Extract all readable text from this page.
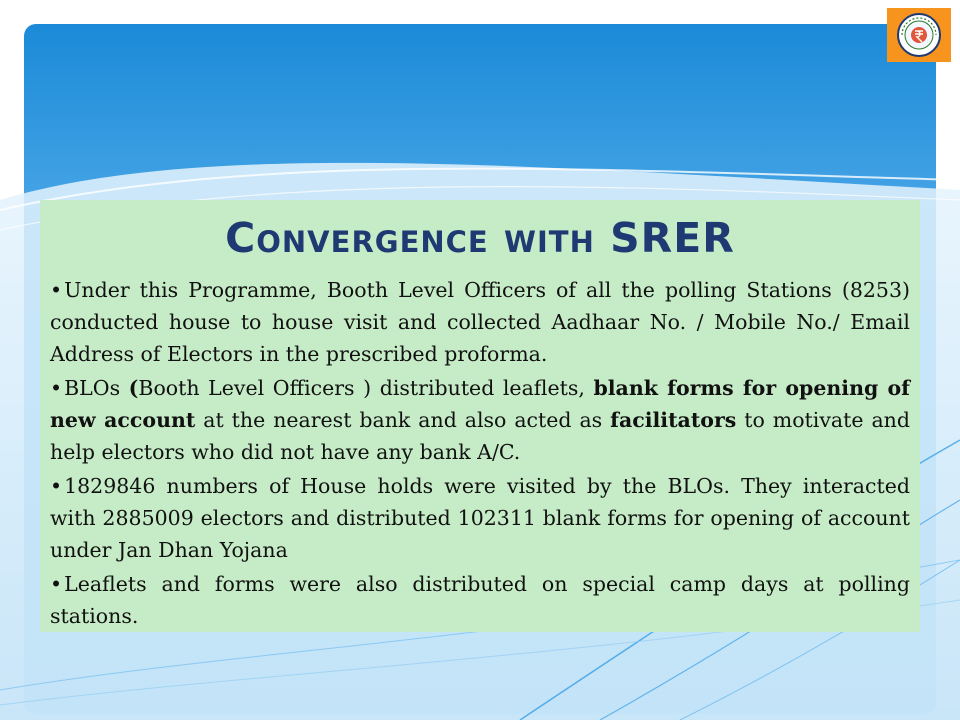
Convergence with SRER
•Under this Programme, Booth Level Officers of all the polling Stations (8253) conducted house to house visit and collected Aadhaar No. / Mobile No./ Email Address of Electors in the prescribed proforma.
•BLOs (Booth Level Officers ) distributed leaflets, blank forms for opening of new account at the nearest bank and also acted as facilitators to motivate and help electors who did not have any bank A/C.
•1829846 numbers of House holds were visited by the BLOs. They interacted with 2885009 electors and distributed 102311 blank forms for opening of account under Jan Dhan Yojana
•Leaflets and forms were also distributed on special camp days at polling stations.
